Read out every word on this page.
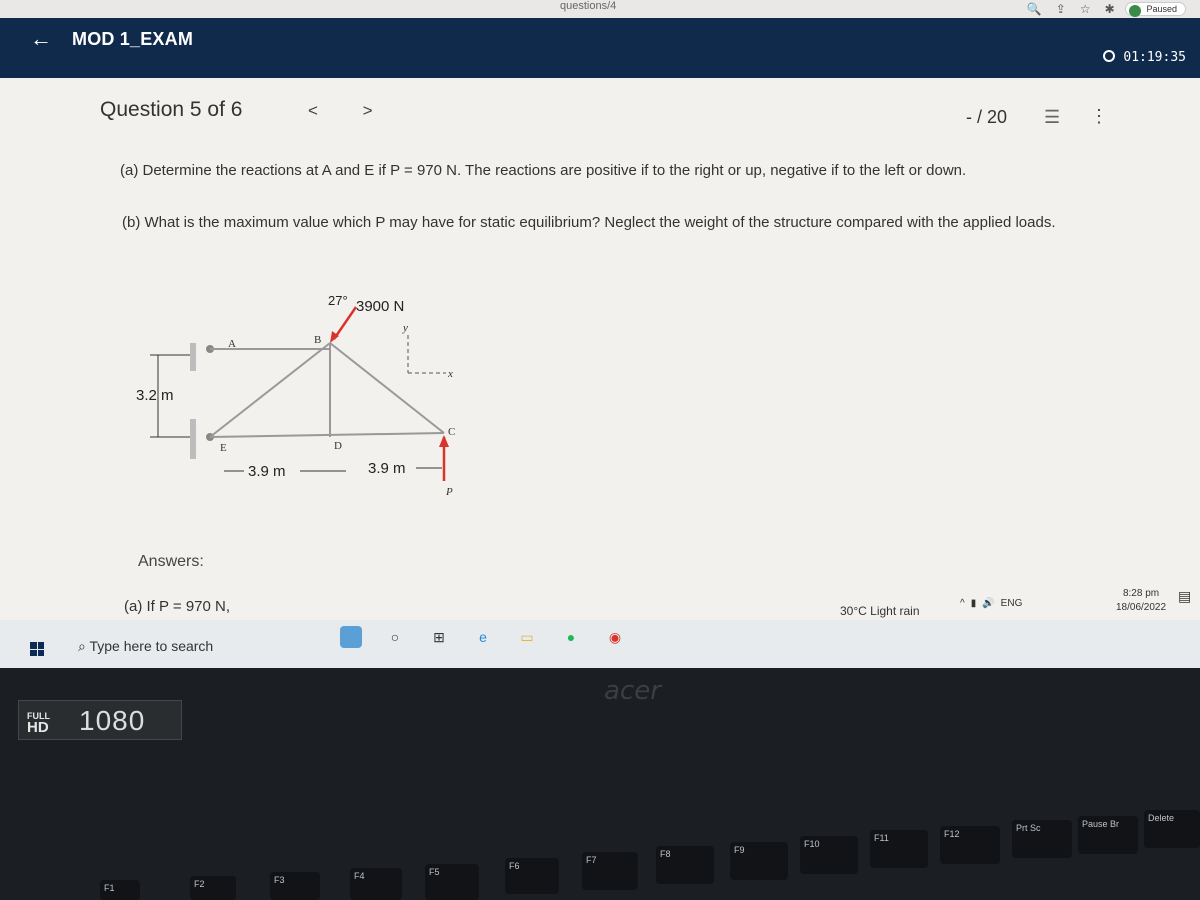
questions/4	🔍 ⇪ ☆ ✱	Paused
← MOD 1_EXAM
01:19:35
Question 5 of 6	<	>	- / 20 ☰ ⋮
(a) Determine the reactions at A and E if P = 970 N. The reactions are positive if to the right or up, negative if to the left or down.
(b) What is the maximum value which P may have for static equilibrium? Neglect the weight of the structure compared with the applied loads.
3.2 m
A	B
C
D
E
27° 3900 N
y
x
P
3.9 m	3.9 m
Answers:
(a) If P = 970 N,	30°C Light rain
^ ▮ 🔊 ENG
8:28 pm
18/06/2022
▤
⌕ Type here to search
○	⊞	e	▭	●	◉
acer
FULL
HD 1080
F1	F2	F3	F4	F5
F6
F7
F8	F9
F10
F11	F12
Prt Sc	Pause Br
Delete
